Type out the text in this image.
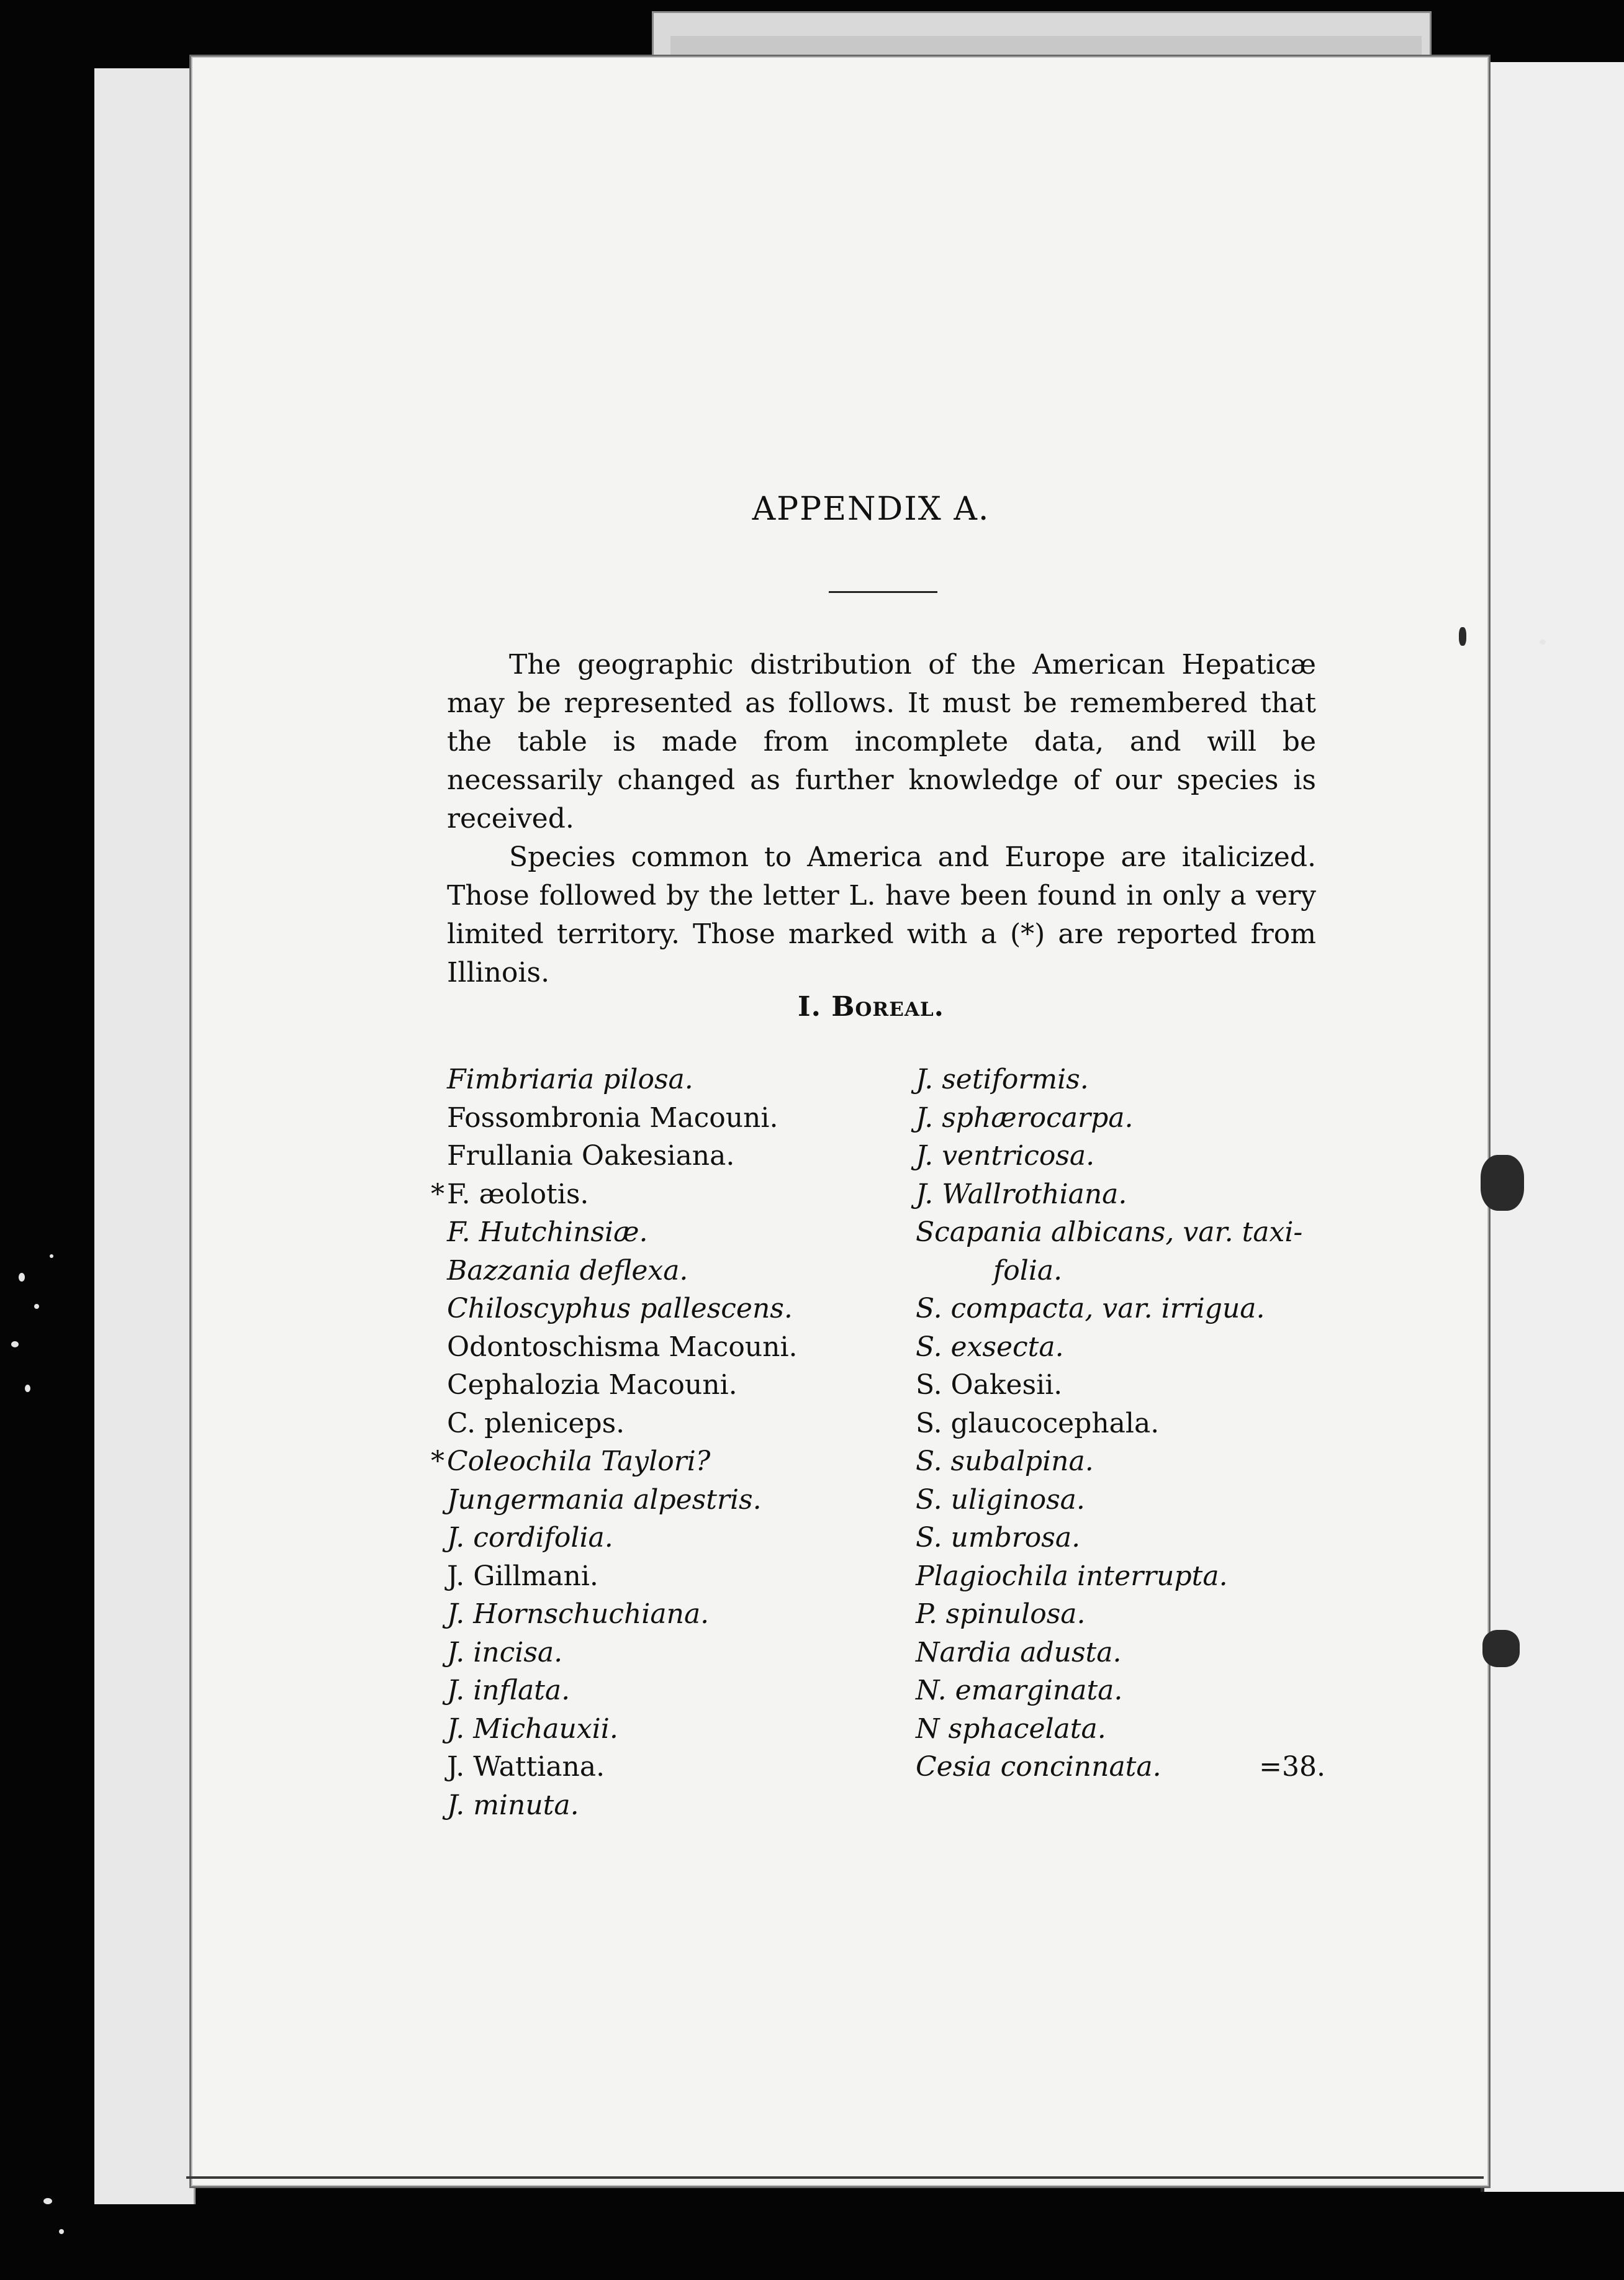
APPENDIX A.

The geographic distribution of the American Hepaticæ may be represented as follows. It must be remembered that the table is made from incomplete data, and will be necessarily changed as further knowledge of our species is received.

Species common to America and Europe are italicized. Those followed by the letter L. have been found in only a very limited territory. Those marked with a (*) are reported from Illinois.

I. Boreal.
Fimbriaria pilosa.
Fossombronia Macouni.
Frullania Oakesiana.
* F. æolotis.
F. Hutchinsiæ.
Bazzania deflexa.
Chiloscyphus pallescens.
Odontoschisma Macouni.
Cephalozia Macouni.
C. pleniceps.
* Coleochila Taylori?
Jungermania alpestris.
J. cordifolia.
J. Gillmani.
J. Hornschuchiana.
J. incisa.
J. inflata.
J. Michauxii.
J. Wattiana.
J. minuta.
J. setiformis.
J. sphærocarpa.
J. ventricosa.
J. Wallrothiana.
Scapania albicans, var. taxi-
folia.
S. compacta, var. irrigua.
S. exsecta.
S. Oakesii.
S. glaucocephala.
S. subalpina.
S. uliginosa.
S. umbrosa.
Plagiochila interrupta.
P. spinulosa.
Nardia adusta.
N. emarginata.
N sphacelata.
Cesia concinnata.	=38.
